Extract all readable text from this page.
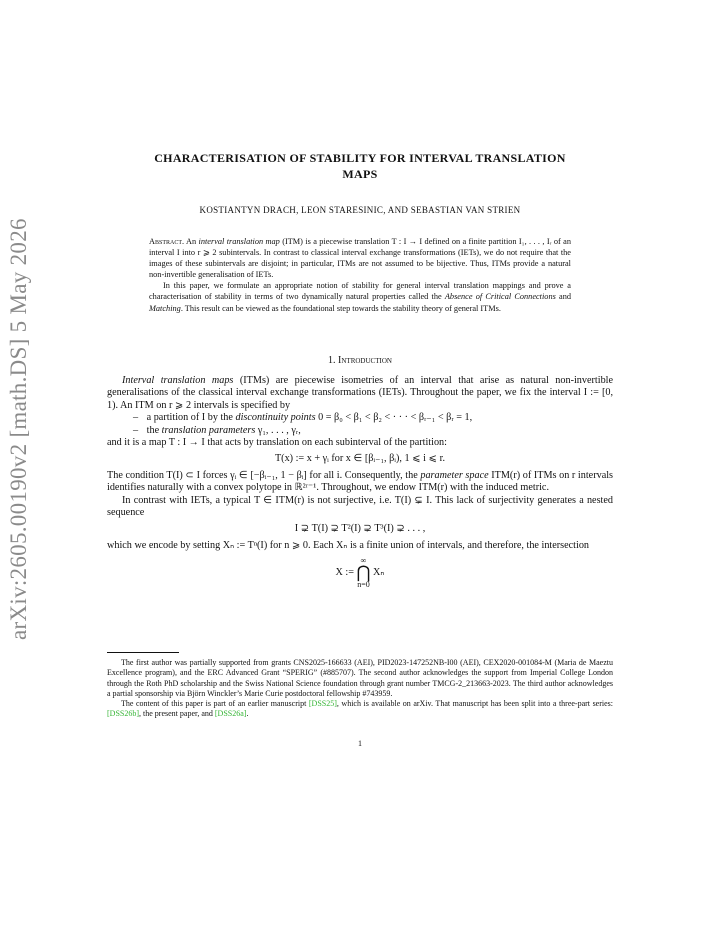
arXiv:2605.00190v2 [math.DS] 5 May 2026
CHARACTERISATION OF STABILITY FOR INTERVAL TRANSLATION
MAPS
KOSTIANTYN DRACH, LEON STARESINIC, AND SEBASTIAN VAN STRIEN

Abstract. An interval translation map (ITM) is a piecewise translation T : I → I defined on a finite partition I₁, . . . , Iᵣ of an interval I into r ⩾ 2 subintervals. In contrast to classical interval exchange transformations (IETs), we do not require that the images of these subintervals are disjoint; in particular, ITMs are not assumed to be bijective. Thus, ITMs provide a natural non-invertible generalisation of IETs.

In this paper, we formulate an appropriate notion of stability for general interval translation mappings and prove a characterisation of stability in terms of two dynamically natural properties called the Absence of Critical Connections and Matching. This result can be viewed as the foundational step towards the stability theory of general ITMs.

1. Introduction

Interval translation maps (ITMs) are piecewise isometries of an interval that arise as natural non-invertible generalisations of the classical interval exchange transformations (IETs). Throughout the paper, we fix the interval I := [0, 1). An ITM on r ⩾ 2 intervals is specified by

– a partition of I by the discontinuity points 0 = β₀ < β₁ < β₂ < · · · < βᵣ₋₁ < βᵣ = 1,
– the translation parameters γ₁, . . . , γᵣ,

and it is a map T : I → I that acts by translation on each subinterval of the partition:

T(x) := x + γᵢ for x ∈ [βᵢ₋₁, βᵢ), 1 ⩽ i ⩽ r.

The condition T(I) ⊂ I forces γᵢ ∈ [−βᵢ₋₁, 1 − βᵢ] for all i. Consequently, the parameter space ITM(r) of ITMs on r intervals identifies naturally with a convex polytope in ℝ²ʳ⁻¹. Throughout, we endow ITM(r) with the induced metric.

In contrast with IETs, a typical T ∈ ITM(r) is not surjective, i.e. T(I) ⊊ I. This lack of surjectivity generates a nested sequence

I ⊋ T(I) ⊋ T²(I) ⊋ T³(I) ⊋ . . . ,

which we encode by setting Xₙ := Tⁿ(I) for n ⩾ 0. Each Xₙ is a finite union of intervals, and therefore, the intersection

X := ∞
⋂
n=0 Xₙ

The first author was partially supported from grants CNS2025-166633 (AEI), PID2023-147252NB-I00 (AEI), CEX2020-001084-M (Maria de Maeztu Excellence program), and the ERC Advanced Grant “SPERIG” (#885707). The second author acknowledges the support from Imperial College London through the Roth PhD scholarship and the Swiss National Science foundation through grant number TMCG-2_213663-2023. The third author acknowledges a partial sponsorship via Björn Winckler’s Marie Curie postdoctoral fellowship #743959.

The content of this paper is part of an earlier manuscript [DSS25], which is available on arXiv. That manuscript has been split into a three-part series: [DSS26b], the present paper, and [DSS26a].

1
